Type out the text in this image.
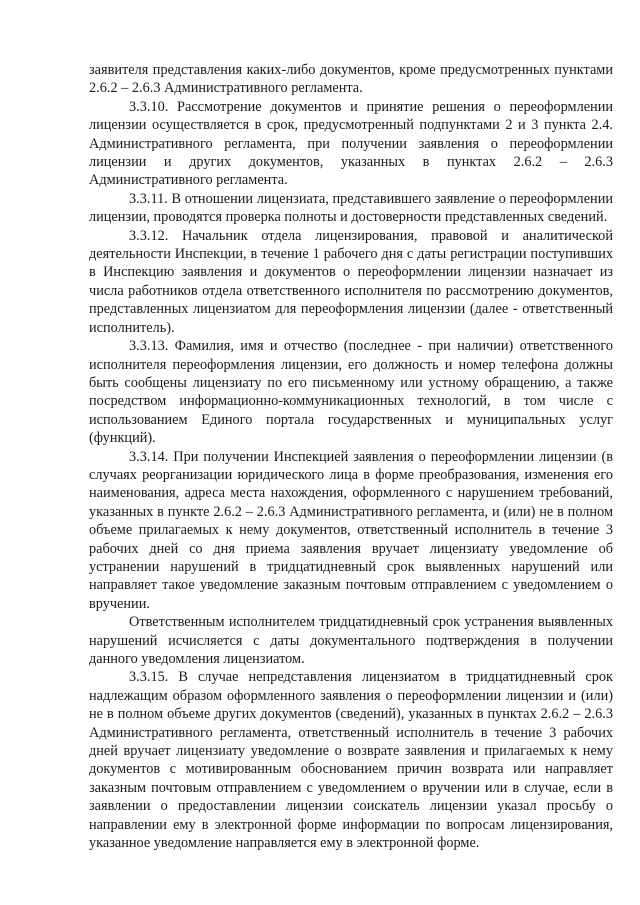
заявителя представления каких-либо документов, кроме предусмотренных пунктами 2.6.2 – 2.6.3 Административного регламента.

3.3.10. Рассмотрение документов и принятие решения о переоформлении лицензии осуществляется в срок, предусмотренный подпунктами 2 и 3 пункта 2.4. Административного регламента, при получении заявления о переоформлении лицензии и других документов, указанных в пунктах 2.6.2 – 2.6.3 Административного регламента.

3.3.11. В отношении лицензиата, представившего заявление о переоформлении лицензии, проводятся проверка полноты и достоверности представленных сведений.

3.3.12. Начальник отдела лицензирования, правовой и аналитической деятельности Инспекции, в течение 1 рабочего дня с даты регистрации поступивших в Инспекцию заявления и документов о переоформлении лицензии назначает из числа работников отдела ответственного исполнителя по рассмотрению документов, представленных лицензиатом для переоформления лицензии (далее - ответственный исполнитель).

3.3.13. Фамилия, имя и отчество (последнее - при наличии) ответственного исполнителя переоформления лицензии, его должность и номер телефона должны быть сообщены лицензиату по его письменному или устному обращению, а также посредством информационно-коммуникационных технологий, в том числе с использованием Единого портала государственных и муниципальных услуг (функций).

3.3.14. При получении Инспекцией заявления о переоформлении лицензии (в случаях реорганизации юридического лица в форме преобразования, изменения его наименования, адреса места нахождения, оформленного с нарушением требований, указанных в пункте 2.6.2 – 2.6.3 Административного регламента, и (или) не в полном объеме прилагаемых к нему документов, ответственный исполнитель в течение 3 рабочих дней со дня приема заявления вручает лицензиату уведомление об устранении нарушений в тридцатидневный срок выявленных нарушений или направляет такое уведомление заказным почтовым отправлением с уведомлением о вручении.

Ответственным исполнителем тридцатидневный срок устранения выявленных нарушений исчисляется с даты документального подтверждения в получении данного уведомления лицензиатом.

3.3.15. В случае непредставления лицензиатом в тридцатидневный срок надлежащим образом оформленного заявления о переоформлении лицензии и (или) не в полном объеме других документов (сведений), указанных в пунктах 2.6.2 – 2.6.3 Административного регламента, ответственный исполнитель в течение 3 рабочих дней вручает лицензиату уведомление о возврате заявления и прилагаемых к нему документов с мотивированным обоснованием причин возврата или направляет заказным почтовым отправлением с уведомлением о вручении или в случае, если в заявлении о предоставлении лицензии соискатель лицензии указал просьбу о направлении ему в электронной форме информации по вопросам лицензирования, указанное уведомление направляется ему в электронной форме.
